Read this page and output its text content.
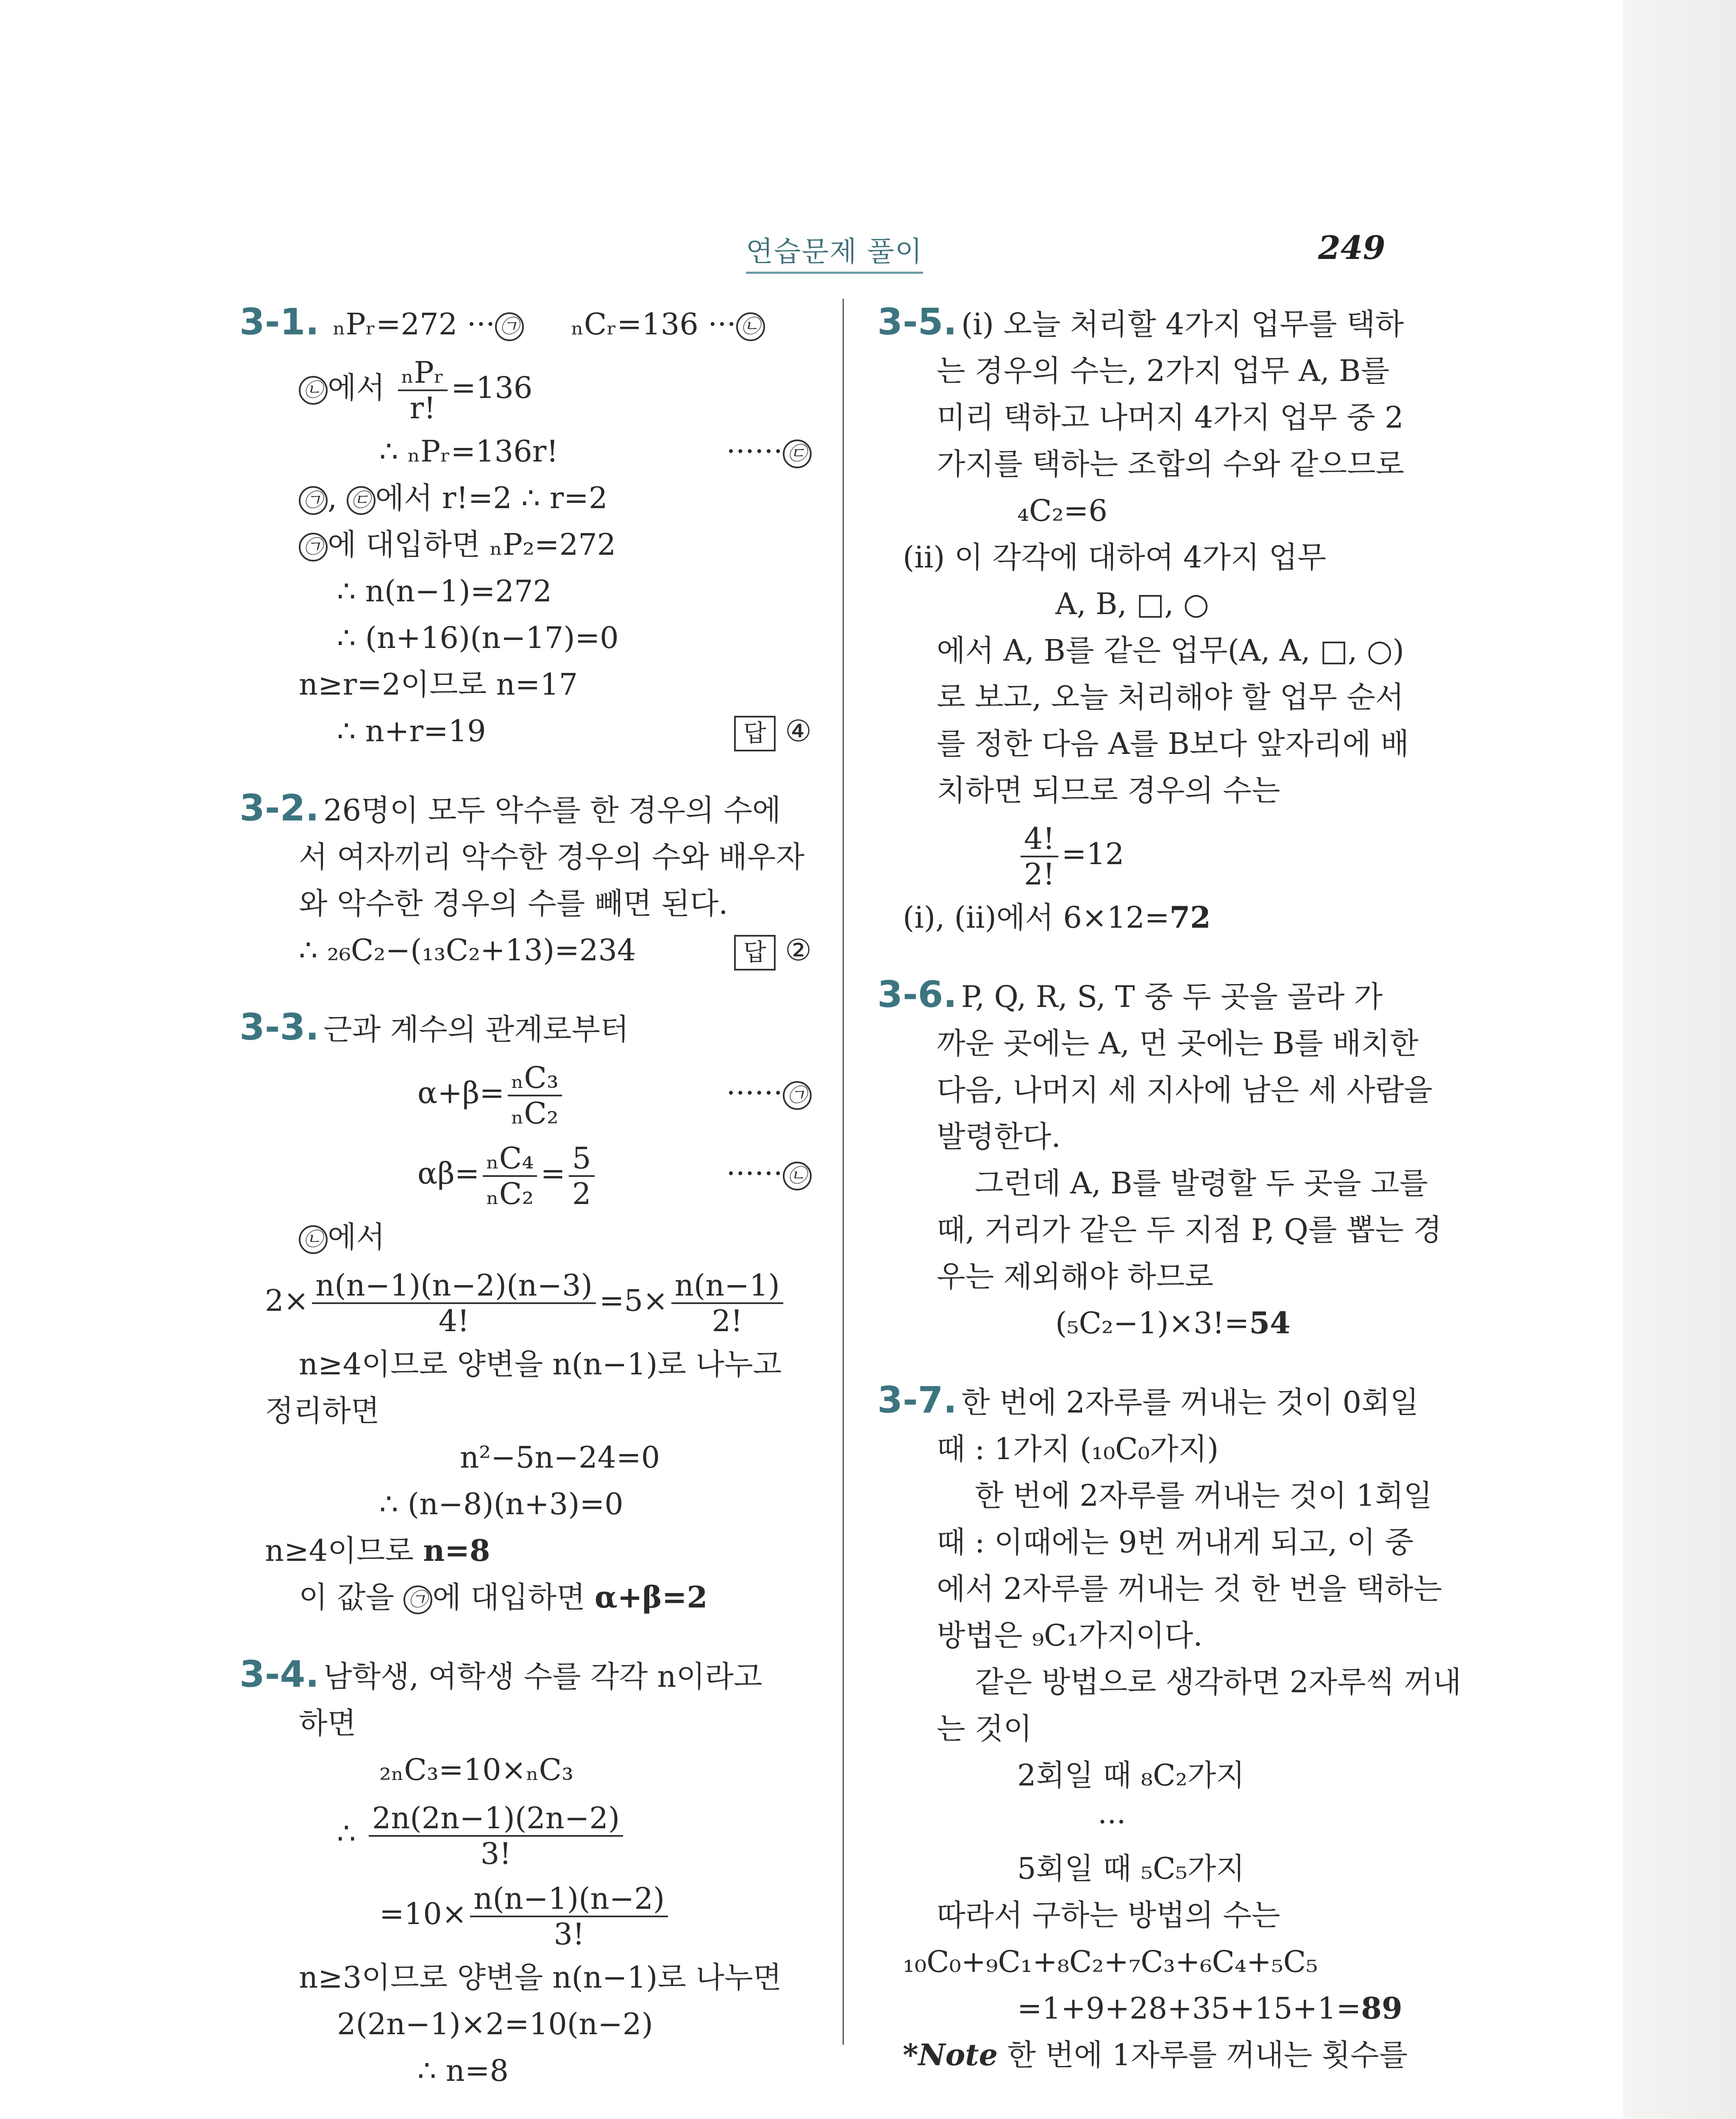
연습문제 풀이	249
3-1. ₙPᵣ=272 ··· ㉠ ₙCᵣ=136 ··· ㉡
㉡ 에서 $\frac{\text{ₙPᵣ}}{r!} =136$
∴ ₙPᵣ=136r!	······ ㉢
㉠ , ㉢ 에서 r!=2 ∴ r=2
㉠ 에 대입하면 ₙP₂=272
∴ n(n−1)=272
∴ (n+16)(n−17)=0
n≥r=2이므로 n=17
∴ n+r=19	답 ④
3-2. 26명이 모두 악수를 한 경우의 수에
서 여자끼리 악수한 경우의 수와 배우자
와 악수한 경우의 수를 빼면 된다.
∴ ₂₆C₂−(₁₃C₂+13)=234	답 ②
3-3. 근과 계수의 관계로부터
$\alpha+\beta= \frac{\text{ₙC₃}}{\text{ₙC₂}}$	······ ㉠
$\alpha\beta= \frac{\text{ₙC₄}}{\text{ₙC₂}} = \frac{5}{2}$	······ ㉡
㉡ 에서
$2\times \frac{n(n-1)(n-2)(n-3)}{4!} =5\times \frac{n(n-1)}{2!}$
n≥4이므로 양변을 n(n−1)로 나누고
정리하면
n²−5n−24=0
∴ (n−8)(n+3)=0
n≥4이므로 n=8
이 값을 ㉠ 에 대입하면 α+β=2
3-4. 남학생, 여학생 수를 각각 n이라고
하면
₂ₙC₃=10×ₙC₃
∴ $\frac{2n(2n-1)(2n-2)}{3!}$
$=10\times \frac{n(n-1)(n-2)}{3!}$
n≥3이므로 양변을 n(n−1)로 나누면
2(2n−1)×2=10(n−2)
∴ n=8
3-5. (i) 오늘 처리할 4가지 업무를 택하
는 경우의 수는, 2가지 업무 A, B를
미리 택하고 나머지 4가지 업무 중 2
가지를 택하는 조합의 수와 같으므로
₄C₂=6
(ii) 이 각각에 대하여 4가지 업무
A, B, □, ○
에서 A, B를 같은 업무(A, A, □, ○)
로 보고, 오늘 처리해야 할 업무 순서
를 정한 다음 A를 B보다 앞자리에 배
치하면 되므로 경우의 수는
$\frac{4!}{2!} =12$
(i), (ii)에서 6×12=72
3-6. P, Q, R, S, T 중 두 곳을 골라 가
까운 곳에는 A, 먼 곳에는 B를 배치한
다음, 나머지 세 지사에 남은 세 사람을
발령한다.
그런데 A, B를 발령할 두 곳을 고를
때, 거리가 같은 두 지점 P, Q를 뽑는 경
우는 제외해야 하므로
(₅C₂−1)×3!=54
3-7. 한 번에 2자루를 꺼내는 것이 0회일
때 : 1가지 (₁₀C₀가지)
한 번에 2자루를 꺼내는 것이 1회일
때 : 이때에는 9번 꺼내게 되고, 이 중
에서 2자루를 꺼내는 것 한 번을 택하는
방법은 ₉C₁가지이다.
같은 방법으로 생각하면 2자루씩 꺼내
는 것이
2회일 때 ₈C₂가지
···
5회일 때 ₅C₅가지
따라서 구하는 방법의 수는
₁₀C₀+₉C₁+₈C₂+₇C₃+₆C₄+₅C₅
=1+9+28+35+15+1=89
*Note 한 번에 1자루를 꺼내는 횟수를
